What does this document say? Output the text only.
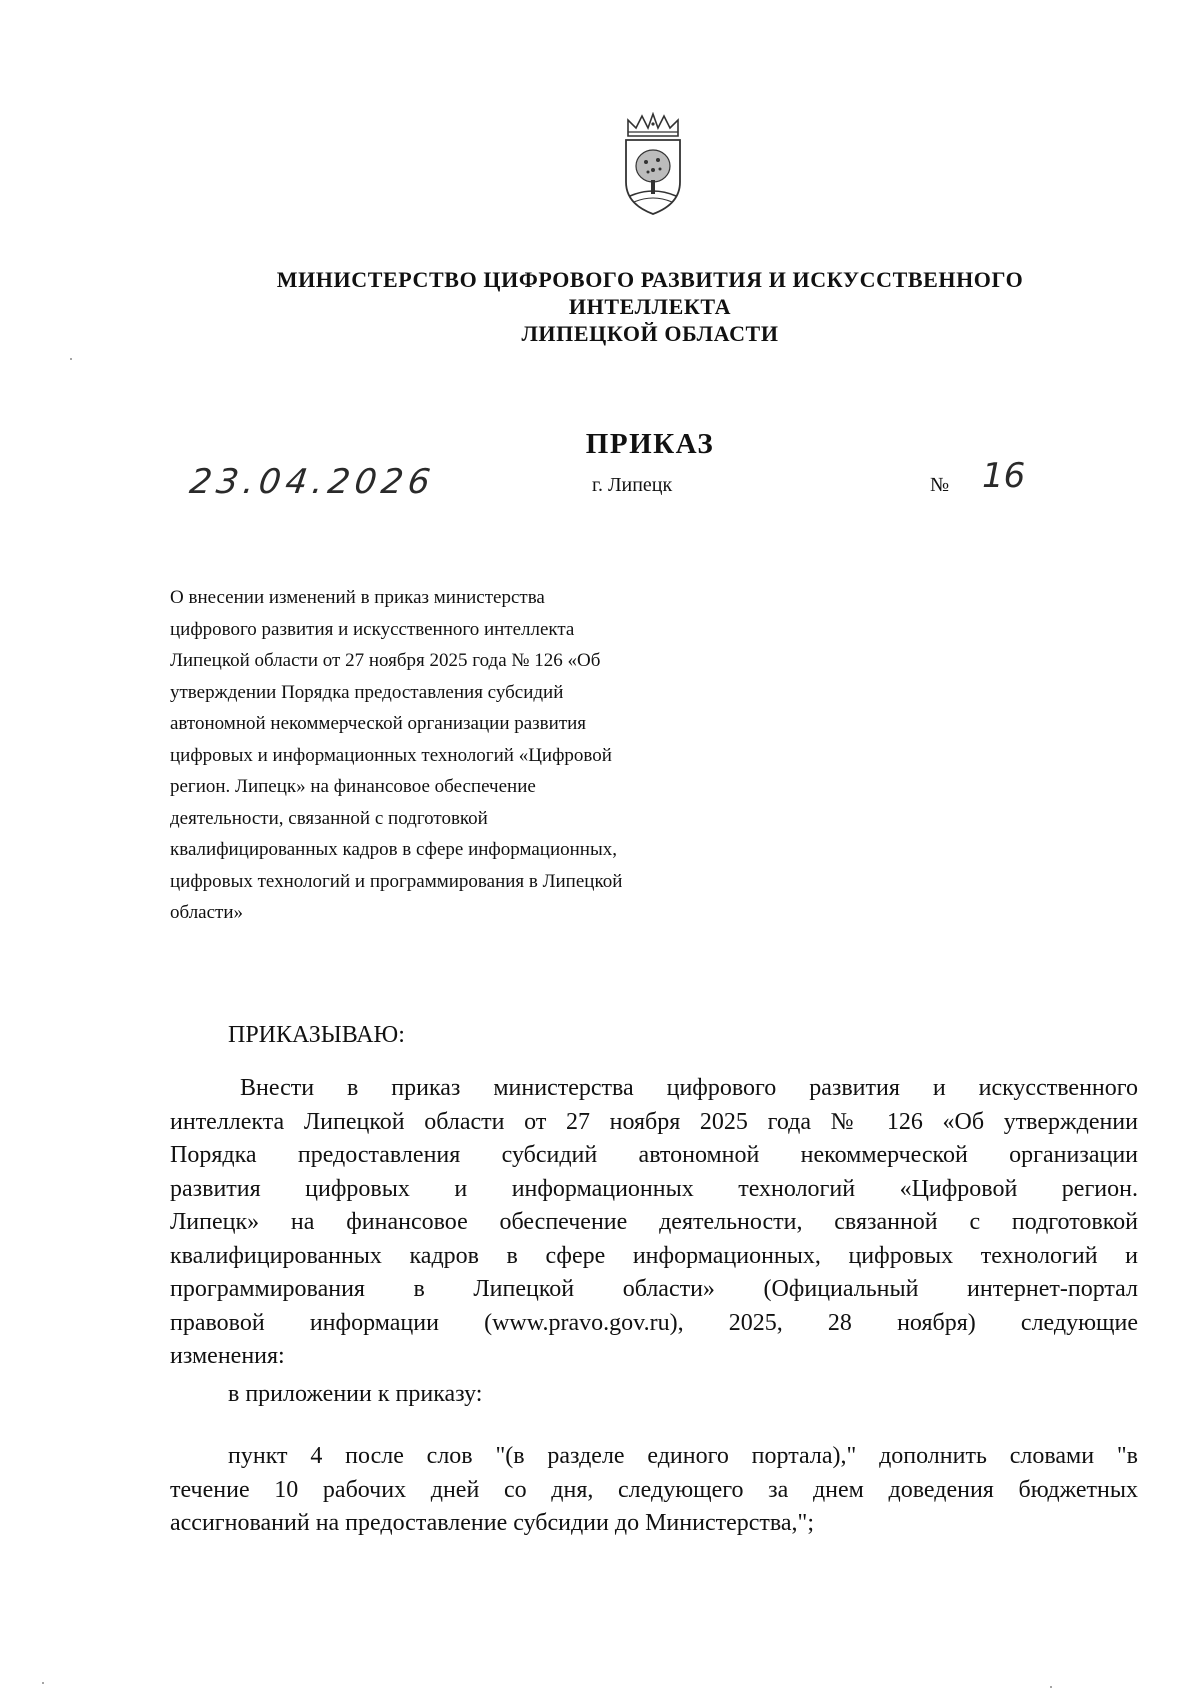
МИНИСТЕРСТВО ЦИФРОВОГО РАЗВИТИЯ И ИСКУССТВЕННОГО
ИНТЕЛЛЕКТА
ЛИПЕЦКОЙ ОБЛАСТИ
ПРИКАЗ
23.04.2026	г. Липецк	№ 16
О внесении изменений в приказ министерства
цифрового развития и искусственного интеллекта
Липецкой области от 27 ноября 2025 года № 126 «Об
утверждении Порядка предоставления субсидий
автономной некоммерческой организации развития
цифровых и информационных технологий «Цифровой
регион. Липецк» на финансовое обеспечение
деятельности, связанной с подготовкой
квалифицированных кадров в сфере информационных,
цифровых технологий и программирования в Липецкой
области»
ПРИКАЗЫВАЮ:
Внести в приказ министерства цифрового развития и искусственного
интеллекта Липецкой области от 27 ноября 2025 года № 126 «Об утверждении
Порядка предоставления субсидий автономной некоммерческой организации
развития цифровых и информационных технологий «Цифровой регион.
Липецк» на финансовое обеспечение деятельности, связанной с подготовкой
квалифицированных кадров в сфере информационных, цифровых технологий и
программирования в Липецкой области» (Официальный интернет-портал
правовой информации (www.pravo.gov.ru), 2025, 28 ноября) следующие
изменения:
в приложении к приказу:
пункт 4 после слов "(в разделе единого портала)," дополнить словами "в
течение 10 рабочих дней со дня, следующего за днем доведения бюджетных
ассигнований на предоставление субсидии до Министерства,";
